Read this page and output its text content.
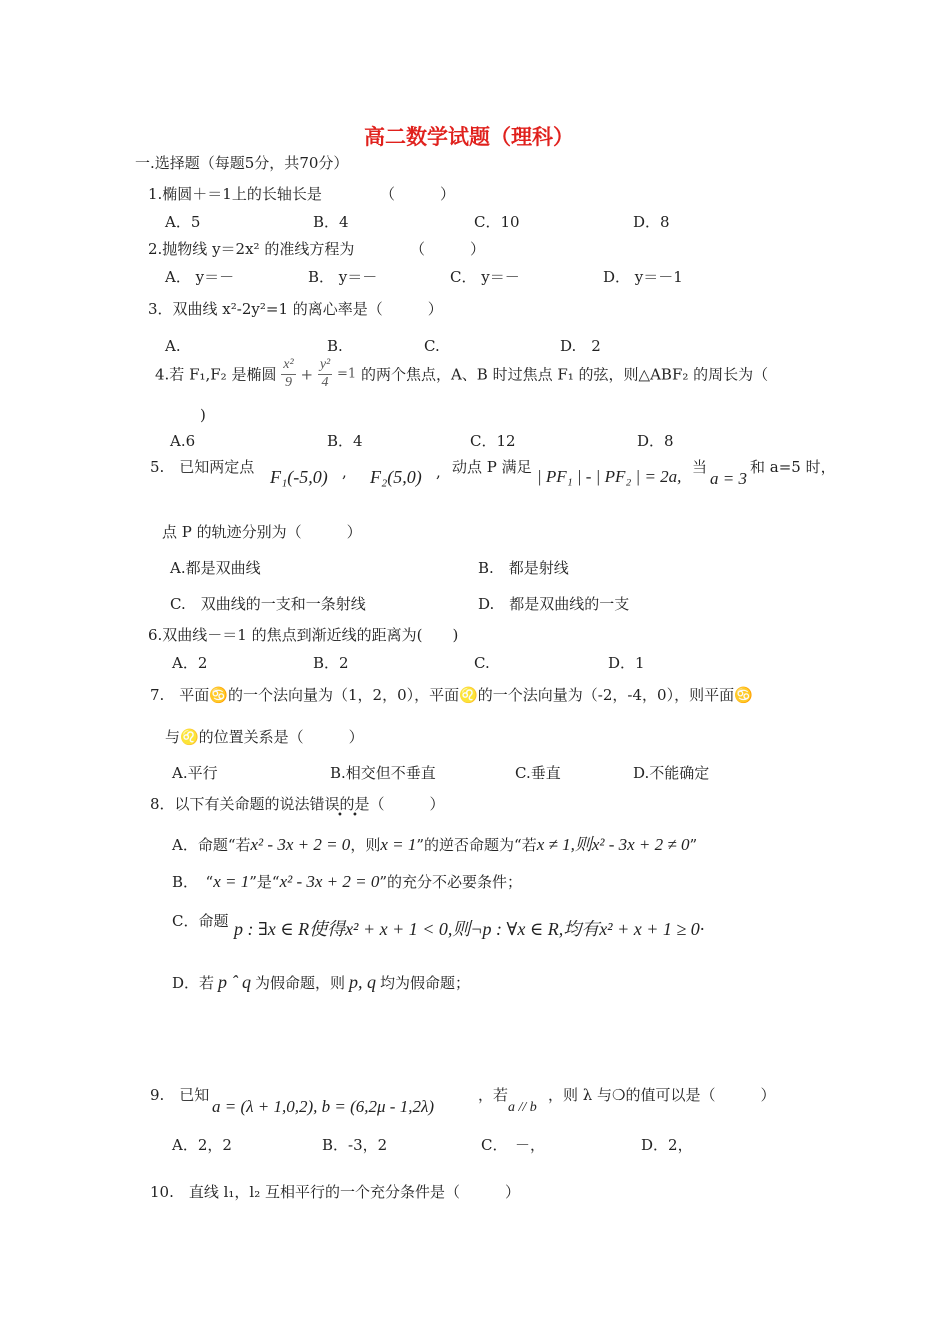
高二数学试题（理科）
一.选择题（每题5分，共70分）
1.椭圆＋＝1上的长轴长是	（　　　）
A．5	B．4	C．10	D．8
2.抛物线 y＝2x² 的准线方程为	（　　　）
A． y＝－	B． y＝－	C． y＝－	D． y＝－1
3．双曲线 x²-2y²=1 的离心率是（　　　）
A.	B.	C.	D.　2
4.若 F₁,F₂ 是椭圆 $\frac{\text{x²}}{9} + \frac{\text{y²}}{4} =1$ 的两个焦点，A、B 时过焦点 F₁ 的弦，则△ABF₂ 的周长为（
)
A.6	B．4	C．12	D．8
5.　已知两定点 F₁(-5,0) , F₂(5,0) , 动点 P 满足 | PF₁ | - | PF₂ | = 2a, 当
a = 3
和 a=5 时，
点 P 的轨迹分别为（　　　）
A.都是双曲线	B.　都是射线
C.　双曲线的一支和一条射线	D.　都是双曲线的一支
6.双曲线－＝1 的焦点到渐近线的距离为(　　)
A．2	B．2	C.	D．1
7.　平面♋的一个法向量为（1，2，0），平面♌的一个法向量为（-2，-4，0），则平面♋
与♌的位置关系是（　　　）
A.平行	B.相交但不垂直	C.垂直	D.不能确定
8．以下有关命题的说法错误的是（　　　）
• •
A．命题“若x² - 3x + 2 = 0，则x = 1”的逆否命题为“若x ≠ 1,则x² - 3x + 2 ≠ 0”
B．　“x = 1”是“x² - 3x + 2 = 0”的充分不必要条件；
C．命题 p : ∃x ∈ R使得x² + x + 1 < 0,则¬p : ∀x ∈ R,均有x² + x + 1 ≥ 0·
D．若 p ˆ q 为假命题，则 p, q 均为假命题；
9.　已知
a = (λ + 1,0,2), b = (6,2μ - 1,2λ)
，若
a // b
，则 λ 与❍的值可以是（　　　）
A．2，2	B．-3，2	C．　－，	D．2，
10.　直线 l₁，l₂ 互相平行的一个充分条件是（　　　）
